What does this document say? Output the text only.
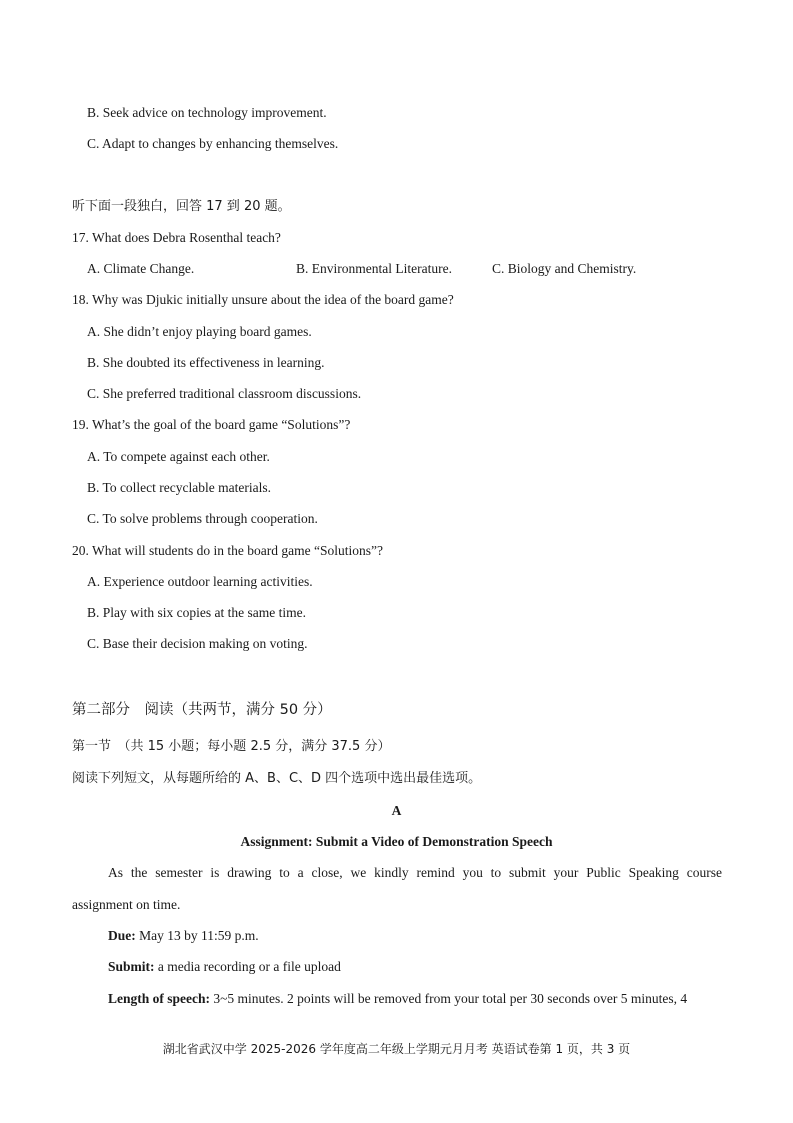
B. Seek advice on technology improvement.
C. Adapt to changes by enhancing themselves.
听下面一段独白，回答 17 到 20 题。
17. What does Debra Rosenthal teach?
A. Climate Change.	B. Environmental Literature.	C. Biology and Chemistry.
18. Why was Djukic initially unsure about the idea of the board game?
A. She didn’t enjoy playing board games.
B. She doubted its effectiveness in learning.
C. She preferred traditional classroom discussions.
19. What’s the goal of the board game “Solutions”?
A. To compete against each other.
B. To collect recyclable materials.
C. To solve problems through cooperation.
20. What will students do in the board game “Solutions”?
A. Experience outdoor learning activities.
B. Play with six copies at the same time.
C. Base their decision making on voting.
第二部分　阅读（共两节，满分 50 分）
第一节　（共 15 小题；每小题 2.5 分，满分 37.5 分）
阅读下列短文，从每题所给的 A、B、C、D 四个选项中选出最佳选项。
A
Assignment: Submit a Video of Demonstration Speech
As the semester is drawing to a close, we kindly remind you to submit your Public Speaking course
assignment on time.
Due: May 13 by 11:59 p.m.
Submit: a media recording or a file upload
Length of speech: 3~5 minutes. 2 points will be removed from your total per 30 seconds over 5 minutes, 4
湖北省武汉中学 2025-2026 学年度高二年级上学期元月月考 英语试卷第 1 页，共 3 页
